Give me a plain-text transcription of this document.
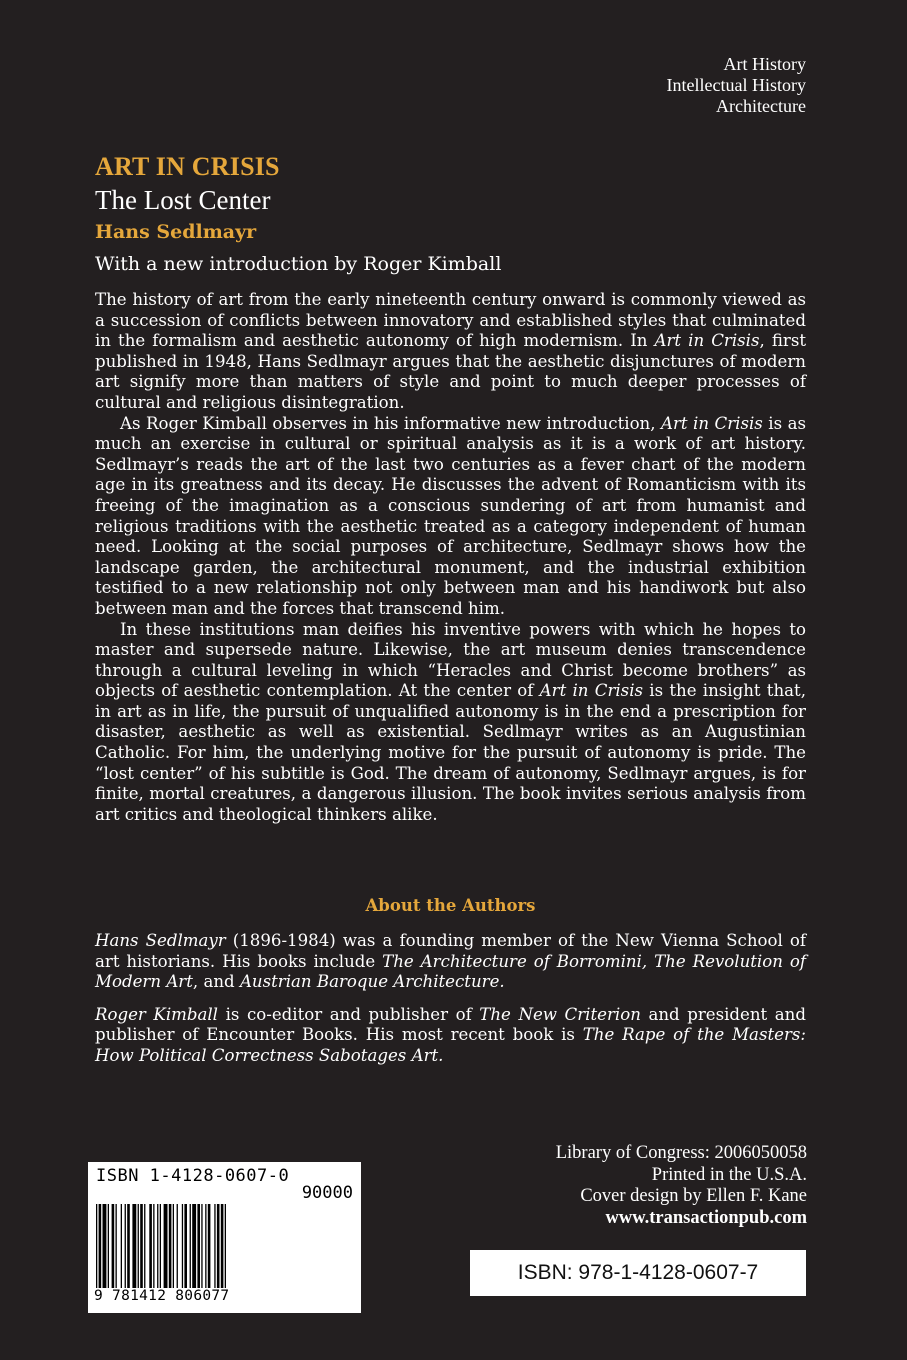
Art History
Intellectual History
Architecture
ART IN CRISIS
The Lost Center
Hans Sedlmayr
With a new introduction by Roger Kimball

The history of art from the early nineteenth century onward is commonly viewed as a succession of conflicts between innovatory and established styles that culminated in the formalism and aesthetic autonomy of high modernism. In Art in Crisis, first published in 1948, Hans Sedlmayr argues that the aesthetic disjunctures of modern art signify more than matters of style and point to much deeper processes of cultural and religious disintegration.

As Roger Kimball observes in his informative new introduction, Art in Crisis is as much an exercise in cultural or spiritual analysis as it is a work of art history. Sedlmayr’s reads the art of the last two centuries as a fever chart of the modern age in its greatness and its decay. He discusses the advent of Romanticism with its freeing of the imagination as a conscious sundering of art from humanist and religious traditions with the aesthetic treated as a category independent of human need. Looking at the social purposes of architecture, Sedlmayr shows how the landscape garden, the architectural monument, and the industrial exhibition testified to a new relationship not only between man and his handiwork but also between man and the forces that transcend him.

In these institutions man deifies his inventive powers with which he hopes to master and supersede nature. Likewise, the art museum denies transcendence through a cultural leveling in which “Heracles and Christ become brothers” as objects of aesthetic contemplation. At the center of Art in Crisis is the insight that, in art as in life, the pursuit of unqualified autonomy is in the end a prescription for disaster, aesthetic as well as existential. Sedlmayr writes as an Augustinian Catholic. For him, the underlying motive for the pursuit of autonomy is pride. The “lost center” of his subtitle is God. The dream of autonomy, Sedlmayr argues, is for finite, mortal creatures, a dangerous illusion. The book invites serious analysis from art critics and theological thinkers alike.

About the Authors

Hans Sedlmayr (1896-1984) was a founding member of the New Vienna School of art historians. His books include The Architecture of Borromini, The Revolution of Modern Art, and Austrian Baroque Architecture.

Roger Kimball is co-editor and publisher of The New Criterion and president and publisher of Encounter Books. His most recent book is The Rape of the Masters: How Political Correctness Sabotages Art.

Library of Congress: 2006050058
Printed in the U.S.A.
Cover design by Ellen F. Kane
www.transactionpub.com
ISBN 1-4128-0607-0
90000
9 781412 806077
ISBN: 978-1-4128-0607-7
